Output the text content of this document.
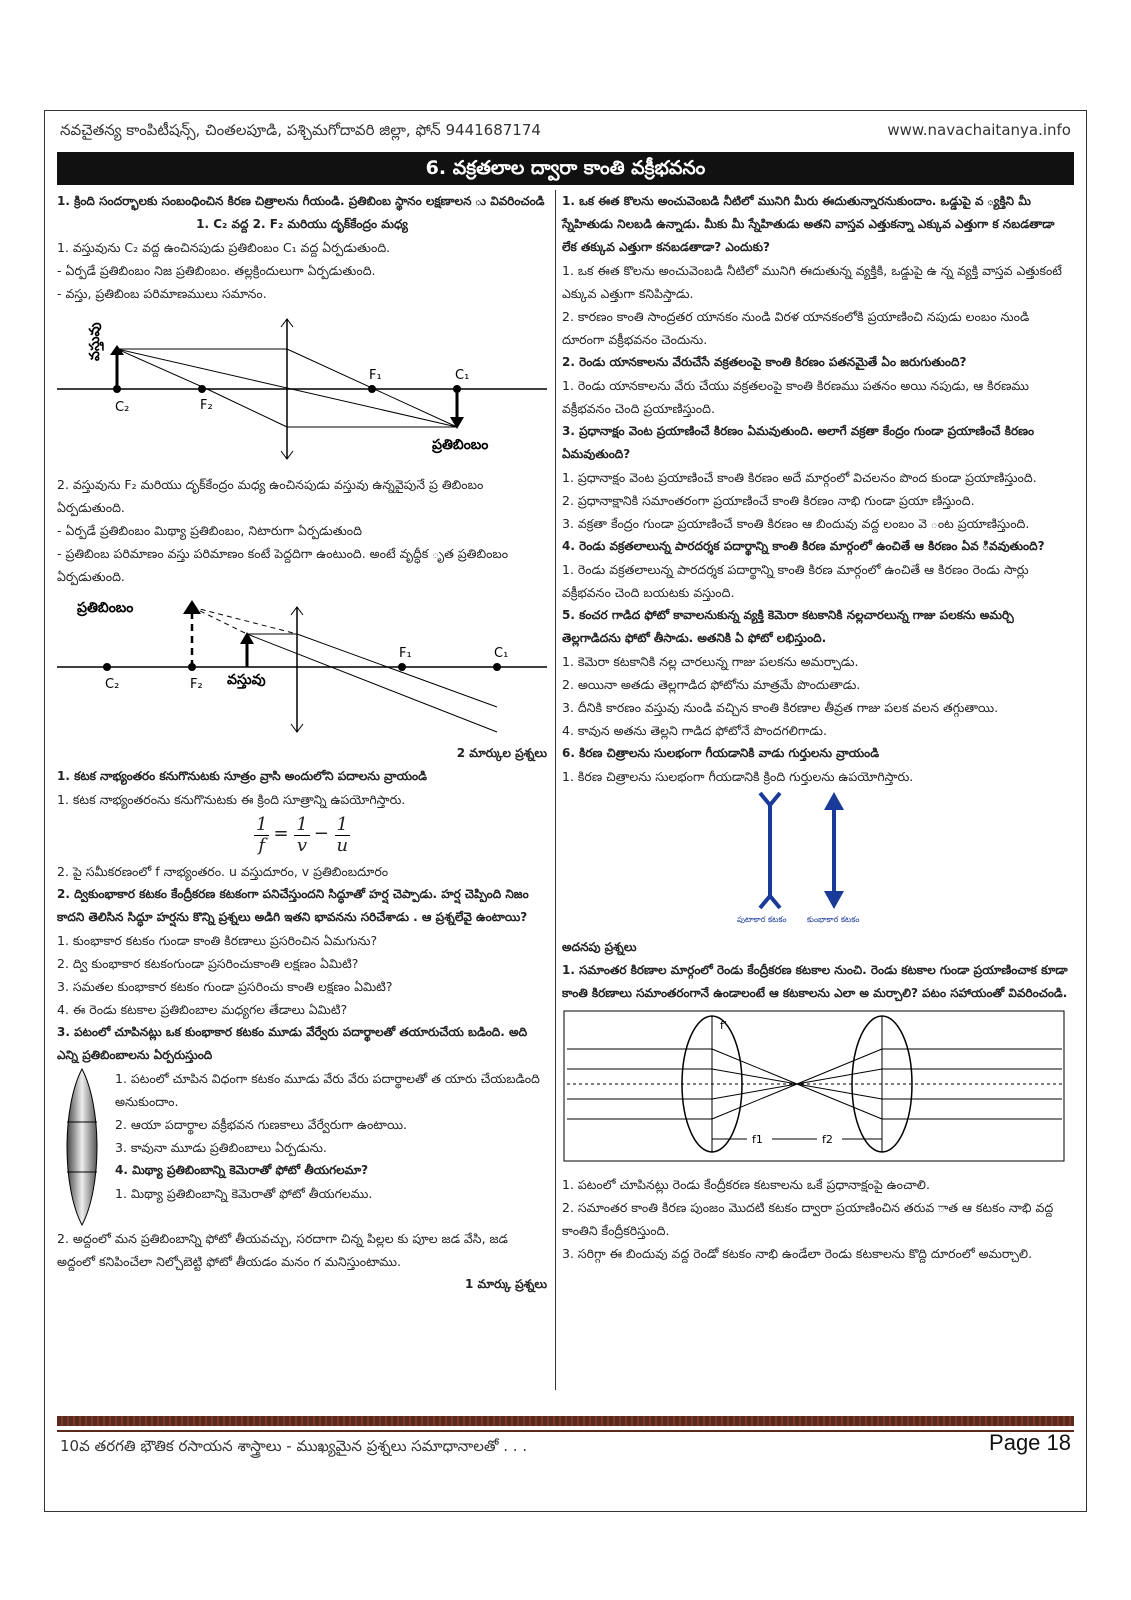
నవచైతన్య కాంపిటీషన్స్, చింతలపూడి, పశ్చిమగోదావరి జిల్లా, ఫోన్ 9441687174	www.navachaitanya.info
6. వక్రతలాల ద్వారా కాంతి వక్రీభవనం

1. క్రింది సందర్భాలకు సంబంధించిన కిరణ చిత్రాలను గీయండి. ప్రతిబింబ స్థానం లక్షణాలన ు వివరించండి

1. C₂ వద్ద 2. F₂ మరియు దృక్‌కేంద్రం మధ్య

1. వస్తువును C₂ వద్ద ఉంచినపుడు ప్రతిబింబం C₁ వద్ద ఏర్పడుతుంది.

- ఏర్పడే ప్రతిబింబం నిజ ప్రతిబింబం. తల్లక్రిందులుగా ఏర్పడుతుంది.

- వస్తు, ప్రతిబింబ పరిమాణములు సమానం.

C₂	F₂
F₁	C₁
వస్తువు
ప్రతిబింబం

2. వస్తువును F₂ మరియు దృక్‌కేంద్రం మధ్య ఉంచినపుడు వస్తువు ఉన్నవైపునే ప్ర తిబింబం ఏర్పడుతుంది.

- ఏర్పడే ప్రతిబింబం మిథ్యా ప్రతిబింబం, నిటారుగా ఏర్పడుతుంది

- ప్రతిబింబ పరిమాణం వస్తు పరిమాణం కంటే పెద్దదిగా ఉంటుంది. అంటే వృద్ధీక ృత ప్రతిబింబం ఏర్పడుతుంది.

C₂	F₂
F₁	C₁
ప్రతిబింబం
వస్తువు

2 మార్కుల ప్రశ్నలు

1. కటక నాభ్యంతరం కనుగొనుటకు సూత్రం వ్రాసి అందులోని పదాలను వ్రాయండి

1. కటక నాభ్యంతరంను కనుగొనుటకు ఈ క్రింది సూత్రాన్ని ఉపయోగిస్తారు.

$\frac{1}{f} = \frac{1}{v} - \frac{1}{u}$

2. పై సమీకరణంలో f నాభ్యంతరం. u వస్తుదూరం, v ప్రతిబింబదూరం

2. ద్వికుంభాకార కటకం కేంద్రీకరణ కటకంగా పనిచేస్తుందని సిద్ధూతో హర్ష చెప్పాడు. హర్ష చెప్పింది నిజం కాదని తెలిసిన సిద్ధూ హర్షను కొన్ని ప్రశ్నలు అడిగి ఇతని భావనను సరిచేశాడు . ఆ ప్రశ్నలేవై ఉంటాయి?

1. కుంభాకార కటకం గుండా కాంతి కిరణాలు ప్రసరించిన ఏమగును?

2. ద్వి కుంభాకార కటకంగుండా ప్రసరించుకాంతి లక్షణం ఏమిటి?

3. సమతల కుంభాకార కటకం గుండా ప్రసరించు కాంతి లక్షణం ఏమిటి?

4. ఈ రెండు కటకాల ప్రతిబింబాల మధ్యగల తేడాలు ఏమిటి?

3. పటంలో చూపినట్లు ఒక కుంభాకార కటకం మూడు వేర్వేరు పదార్థాలతో తయారుచేయ బడింది. అది ఎన్ని ప్రతిబింబాలను ఏర్పరుస్తుంది

1. పటంలో చూపిన విధంగా కటకం మూడు వేరు వేరు పదార్థాలతో త యారు చేయబడింది అనుకుందాం.

2. ఆయా పదార్థాల వక్రీభవన గుణకాలు వేర్వేరుగా ఉంటాయి.

3. కావునా మూడు ప్రతిబింబాలు ఏర్పడును.

4. మిథ్యా ప్రతిబింబాన్ని కెమెరాతో ఫోటో తీయగలమా?

1. మిథ్యా ప్రతిబింబాన్ని కెమెరాతో ఫోటో తీయగలము.

2. అద్దంలో మన ప్రతిబింబాన్ని ఫోటో తీయవచ్చు, సరదాగా చిన్న పిల్లల కు పూల జడ వేసి, జడ అద్దంలో కనిపించేలా నిల్చోబెట్టి ఫోటో తీయడం మనం గ మనిస్తుంటాము.

1 మార్కు ప్రశ్నలు

1. ఒక ఈత కొలను అంచువెంబడి నీటిలో మునిగి మీరు ఈదుతున్నారనుకుందాం. ఒడ్డుపై వ ్యక్తిని మీ స్నేహితుడు నిలబడి ఉన్నాడు. మీకు మీ స్నేహితుడు అతని వాస్తవ ఎత్తుకన్నా ఎక్కువ ఎత్తుగా క నబడతాడా లేక తక్కువ ఎత్తుగా కనబడతాడా? ఎందుకు?

1. ఒక ఈత కొలను అంచువెంబడి నీటిలో మునిగి ఈదుతున్న వ్యక్తికి, ఒడ్డుపై ఉ న్న వ్యక్తి వాస్తవ ఎత్తుకంటే ఎక్కువ ఎత్తుగా కనిపిస్తాడు.

2. కారణం కాంతి సాంద్రతర యానకం నుండి విరళ యానకంలోకి ప్రయాణించి నపుడు లంబం నుండి దూరంగా వక్రీభవనం చెందును.

2. రెండు యానకాలను వేరుచేసే వక్రతలంపై కాంతి కిరణం పతనమైతే ఏం జరుగుతుంది?

1. రెండు యానకాలను వేరు చేయు వక్రతలంపై కాంతి కిరణము పతనం అయి నపుడు, ఆ కిరణము వక్రీభవనం చెంది ప్రయాణిస్తుంది.

3. ప్రధానాక్షం వెంట ప్రయాణించే కిరణం ఏమవుతుంది. అలాగే వక్రతా కేంద్రం గుండా ప్రయాణించే కిరణం ఏమవుతుంది?

1. ప్రధానాక్షం వెంట ప్రయాణించే కాంతి కిరణం అదే మార్గంలో విచలనం పొంద కుండా ప్రయాణిస్తుంది.

2. ప్రధానాక్షానికి సమాంతరంగా ప్రయాణించే కాంతి కిరణం నాభి గుండా ప్రయా ణిస్తుంది.

3. వక్రతా కేంద్రం గుండా ప్రయాణించే కాంతి కిరణం ఆ బిందువు వద్ద లంబం వె ంట ప్రయాణిస్తుంది.

4. రెండు వక్రతలాలున్న పారదర్శక పదార్థాన్ని కాంతి కిరణ మార్గంలో ఉంచితే ఆ కిరణం ఏవ ివవుతుంది?

1. రెండు వక్రతలాలున్న పారదర్శక పదార్థాన్ని కాంతి కిరణ మార్గంలో ఉంచితే ఆ కిరణం రెండు సార్లు వక్రీభవనం చెంది బయటకు వస్తుంది.

5. కంచర గాడిద ఫోటో కావాలనుకున్న వ్యక్తి కెమెరా కటకానికి నల్లచారలున్న గాజు పలకను అమర్చి తెల్లగాడిదను ఫోటో తీసాడు. అతనికి ఏ ఫోటో లభిస్తుంది.

1. కెమెరా కటకానికి నల్ల చారలున్న గాజు పలకను అమర్చాడు.

2. అయినా అతడు తెల్లగాడిద ఫోటోను మాత్రమే పొందుతాడు.

3. దీనికి కారణం వస్తువు నుండి వచ్చిన కాంతి కిరణాల తీవ్రత గాజు పలక వలన తగ్గుతాయి.

4. కావున అతను తెల్లని గాడిద ఫోటోనే పొందగలిగాడు.

6. కిరణ చిత్రాలను సులభంగా గీయడానికి వాడు గుర్తులను వ్రాయండి

1. కిరణ చిత్రాలను సులభంగా గీయడానికి క్రింది గుర్తులను ఉపయోగిస్తారు.

పుటాకార కటకం	కుంభాకార కటకం

అదనపు ప్రశ్నలు

1. సమాంతర కిరణాల మార్గంలో రెండు కేంద్రీకరణ కటకాల నుంచి. రెండు కటకాల గుండా ప్రయాణించాక కూడా కాంతి కిరణాలు సమాంతరంగానే ఉండాలంటే ఆ కటకాలను ఎలా అ మర్చాలి? పటం సహాయంతో వివరించండి.

f'
f1	f2

1. పటంలో చూపినట్లు రెండు కేంద్రీకరణ కటకాలను ఒకే ప్రధానాక్షంపై ఉంచాలి.

2. సమాంతర కాంతి కిరణ పుంజం మొదటి కటకం ద్వారా ప్రయాణించిన తరువ ాత ఆ కటకం నాభి వద్ద కాంతిని కేంద్రీకరిస్తుంది.

3. సరిగ్గా ఈ బిందువు వద్ద రెండో కటకం నాభి ఉండేలా రెండు కటకాలను కొద్ది దూరంలో అమర్చాలి.

10వ తరగతి భౌతిక రసాయన శాస్త్రాలు - ముఖ్యమైన ప్రశ్నలు సమాధానాలతో . . .	Page 18
